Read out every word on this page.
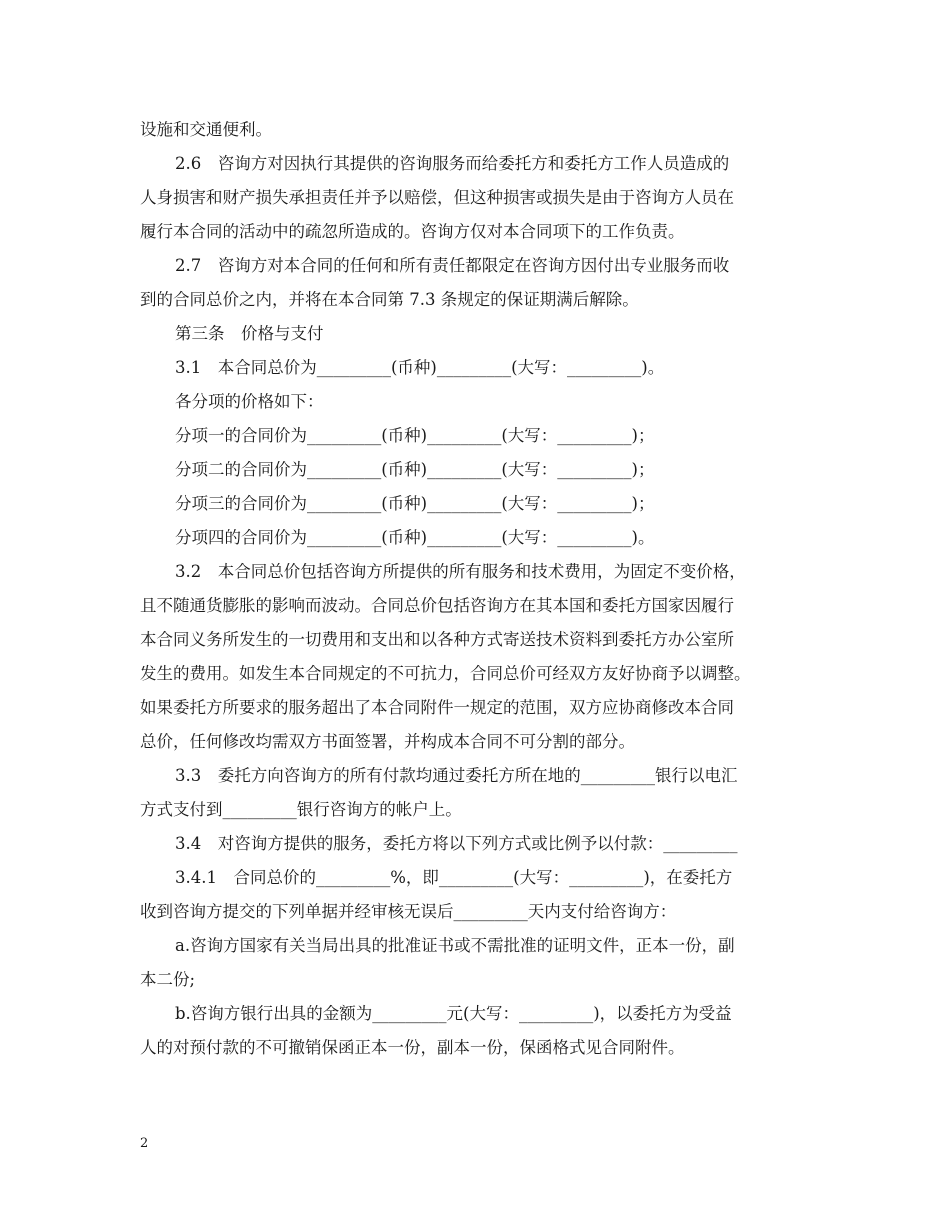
设施和交通便利。
2.6　咨询方对因执行其提供的咨询服务而给委托方和委托方工作人员造成的
人身损害和财产损失承担责任并予以赔偿，但这种损害或损失是由于咨询方人员在
履行本合同的活动中的疏忽所造成的。咨询方仅对本合同项下的工作负责。
2.7　咨询方对本合同的任何和所有责任都限定在咨询方因付出专业服务而收
到的合同总价之内，并将在本合同第 7.3 条规定的保证期满后解除。
第三条　价格与支付
3.1　本合同总价为_________(币种)_________(大写：_________)。
各分项的价格如下：
分项一的合同价为_________(币种)_________(大写：_________)；
分项二的合同价为_________(币种)_________(大写：_________)；
分项三的合同价为_________(币种)_________(大写：_________)；
分项四的合同价为_________(币种)_________(大写：_________)。
3.2　本合同总价包括咨询方所提供的所有服务和技术费用，为固定不变价格，
且不随通货膨胀的影响而波动。合同总价包括咨询方在其本国和委托方国家因履行
本合同义务所发生的一切费用和支出和以各种方式寄送技术资料到委托方办公室所
发生的费用。如发生本合同规定的不可抗力，合同总价可经双方友好协商予以调整。
如果委托方所要求的服务超出了本合同附件一规定的范围，双方应协商修改本合同
总价，任何修改均需双方书面签署，并构成本合同不可分割的部分。
3.3　委托方向咨询方的所有付款均通过委托方所在地的_________银行以电汇
方式支付到_________银行咨询方的帐户上。
3.4　对咨询方提供的服务，委托方将以下列方式或比例予以付款：_________
3.4.1　合同总价的_________%，即_________(大写：_________)，在委托方
收到咨询方提交的下列单据并经审核无误后_________天内支付给咨询方：
a.咨询方国家有关当局出具的批准证书或不需批准的证明文件，正本一份，副
本二份;
b.咨询方银行出具的金额为_________元(大写：_________)，以委托方为受益
人的对预付款的不可撤销保函正本一份，副本一份，保函格式见合同附件。
2
